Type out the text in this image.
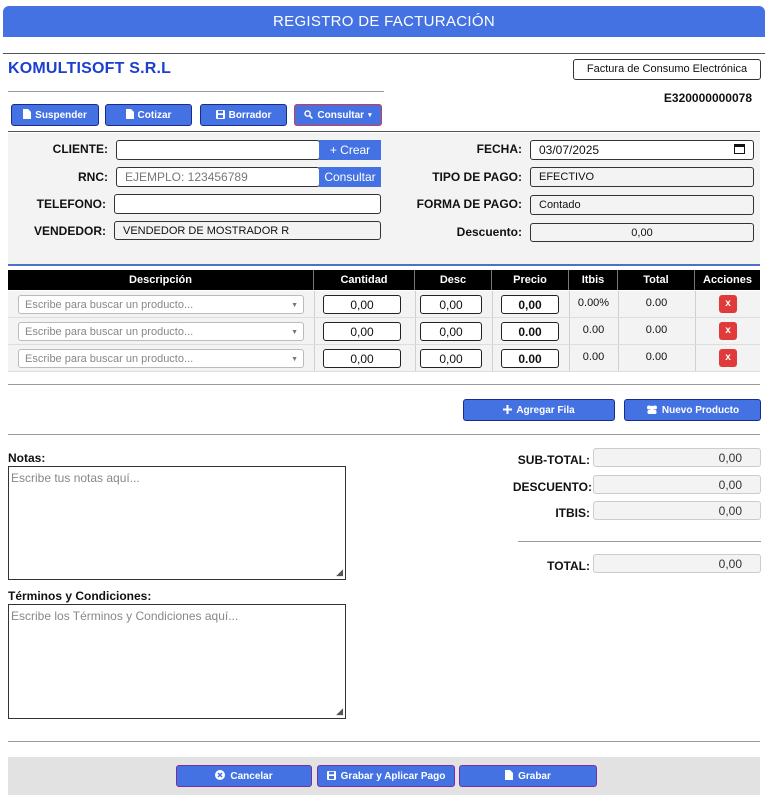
REGISTRO DE FACTURACIÓN
KOMULTISOFT S.R.L	Factura de Consumo Electrónica
E320000000078
Suspender	Cotizar	Borrador	Consultar ▾
CLIENTE:	+ Crear
RNC: EJEMPLO: 123456789	Consultar
TELEFONO:
VENDEDOR:	VENDEDOR DE MOSTRADOR R
FECHA: 03/07/2025
TIPO DE PAGO:	EFECTIVO
FORMA DE PAGO:	Contado
Descuento:	0,00
Descripción	Cantidad	Desc	Precio	Itbis	Total	Acciones
Escribe para buscar un producto...	▼	0,00	0,00	0,00	0.00%	0.00	x
Escribe para buscar un producto...	▼	0,00	0,00	0.00	0.00	0.00	x
Escribe para buscar un producto...	▼	0,00	0,00	0.00	0.00	0.00	x
Agregar Fila	Nuevo Producto
Notas:
Escribe tus notas aquí...
◢
Términos y Condiciones:
Escribe los Términos y Condiciones aquí...
◢
SUB-TOTAL:	0,00
DESCUENTO:	0,00
ITBIS:	0,00
TOTAL:	0,00
Cancelar	Grabar y Aplicar Pago	Grabar
